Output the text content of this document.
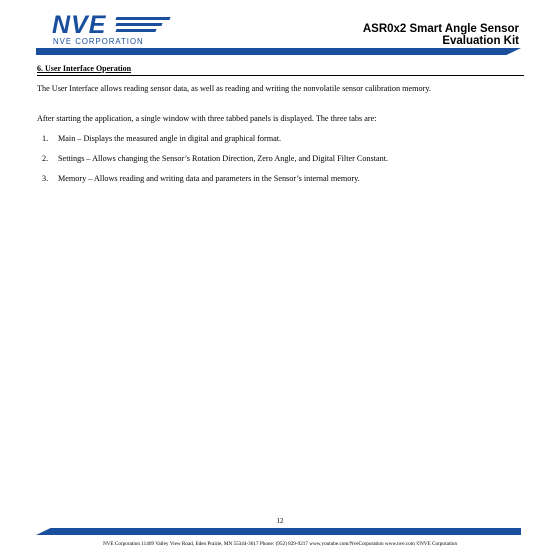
NVE
NVE CORPORATION
ASR0x2 Smart Angle Sensor
Evaluation Kit
6. User Interface Operation
The User Interface allows reading sensor data, as well as reading and writing the nonvolatile sensor calibration memory.
After starting the application, a single window with three tabbed panels is displayed. The three tabs are:
1.	Main – Displays the measured angle in digital and graphical format.
2.	Settings – Allows changing the Sensor’s Rotation Direction, Zero Angle, and Digital Filter Constant.
3.	Memory – Allows reading and writing data and parameters in the Sensor’s internal memory.
12
NVE Corporation 11409 Valley View Road, Eden Prairie, MN 55344-3617 Phone: (952) 829-9217 www.youtube.com/NveCorporation www.nve.com ©NVE Corporation
